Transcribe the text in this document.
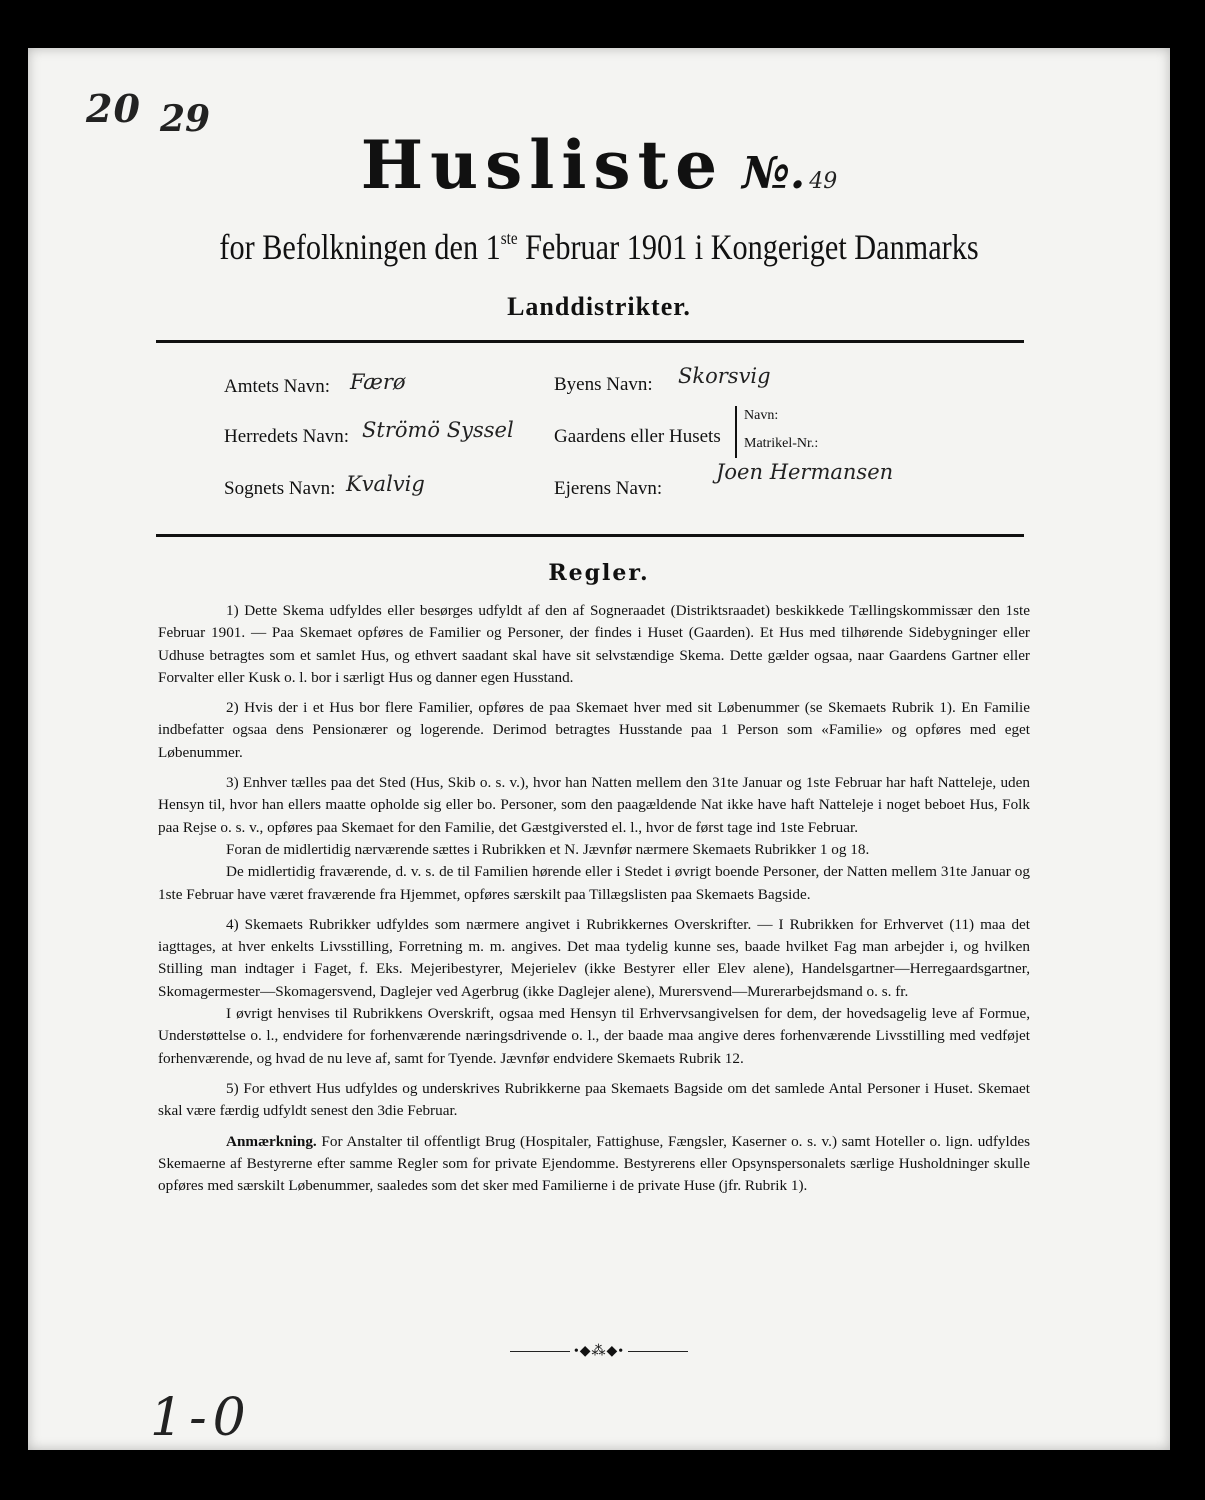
20 29
Husliste №. 49
for Befolkningen den 1ste Februar 1901 i Kongeriget Danmarks
Landdistrikter.
Amtets Navn: Færø
Herredets Navn: Strömö Syssel
Sognets Navn: Kvalvig
Byens Navn: Skorsvig
Gaardens eller Husets
Navn:
Matrikel-Nr.:
Ejerens Navn:
Joen Hermansen
Regler.

1) Dette Skema udfyldes eller besørges udfyldt af den af Sogneraadet (Distriktsraadet) beskikkede Tællingskommissær den 1ste Februar 1901. — Paa Skemaet opføres de Familier og Personer, der findes i Huset (Gaarden). Et Hus med tilhørende Sidebygninger eller Udhuse betragtes som et samlet Hus, og ethvert saadant skal have sit selvstændige Skema. Dette gælder ogsaa, naar Gaardens Gartner eller Forvalter eller Kusk o. l. bor i særligt Hus og danner egen Husstand.

2) Hvis der i et Hus bor flere Familier, opføres de paa Skemaet hver med sit Løbenummer (se Skemaets Rubrik 1). En Familie indbefatter ogsaa dens Pensionærer og logerende. Derimod betragtes Husstande paa 1 Person som «Familie» og opføres med eget Løbenummer.

3) Enhver tælles paa det Sted (Hus, Skib o. s. v.), hvor han Natten mellem den 31te Januar og 1ste Februar har haft Natteleje, uden Hensyn til, hvor han ellers maatte opholde sig eller bo. Personer, som den paagældende Nat ikke have haft Natteleje i noget beboet Hus, Folk paa Rejse o. s. v., opføres paa Skemaet for den Familie, det Gæstgiversted el. l., hvor de først tage ind 1ste Februar.

Foran de midlertidig nærværende sættes i Rubrikken et N. Jævnfør nærmere Skemaets Rubrikker 1 og 18.

De midlertidig fraværende, d. v. s. de til Familien hørende eller i Stedet i øvrigt boende Personer, der Natten mellem 31te Januar og 1ste Februar have været fraværende fra Hjemmet, opføres særskilt paa Tillægslisten paa Skemaets Bagside.

4) Skemaets Rubrikker udfyldes som nærmere angivet i Rubrikkernes Overskrifter. — I Rubrikken for Erhvervet (11) maa det iagttages, at hver enkelts Livsstilling, Forretning m. m. angives. Det maa tydelig kunne ses, baade hvilket Fag man arbejder i, og hvilken Stilling man indtager i Faget, f. Eks. Mejeribestyrer, Mejerielev (ikke Bestyrer eller Elev alene), Handelsgartner—Herregaardsgartner, Skomagermester—Skomagersvend, Daglejer ved Agerbrug (ikke Daglejer alene), Murersvend—Murerarbejdsmand o. s. fr.

I øvrigt henvises til Rubrikkens Overskrift, ogsaa med Hensyn til Erhvervsangivelsen for dem, der hovedsagelig leve af Formue, Understøttelse o. l., endvidere for forhenværende næringsdrivende o. l., der baade maa angive deres forhenværende Livsstilling med vedføjet forhenværende, og hvad de nu leve af, samt for Tyende. Jævnfør endvidere Skemaets Rubrik 12.

5) For ethvert Hus udfyldes og underskrives Rubrikkerne paa Skemaets Bagside om det samlede Antal Personer i Huset. Skemaet skal være færdig udfyldt senest den 3die Februar.

Anmærkning. For Anstalter til offentligt Brug (Hospitaler, Fattighuse, Fængsler, Kaserner o. s. v.) samt Hoteller o. lign. udfyldes Skemaerne af Bestyrerne efter samme Regler som for private Ejendomme. Bestyrerens eller Opsynspersonalets særlige Husholdninger skulle opføres med særskilt Løbenummer, saaledes som det sker med Familierne i de private Huse (jfr. Rubrik 1).

•◆⁂◆•
1-0
